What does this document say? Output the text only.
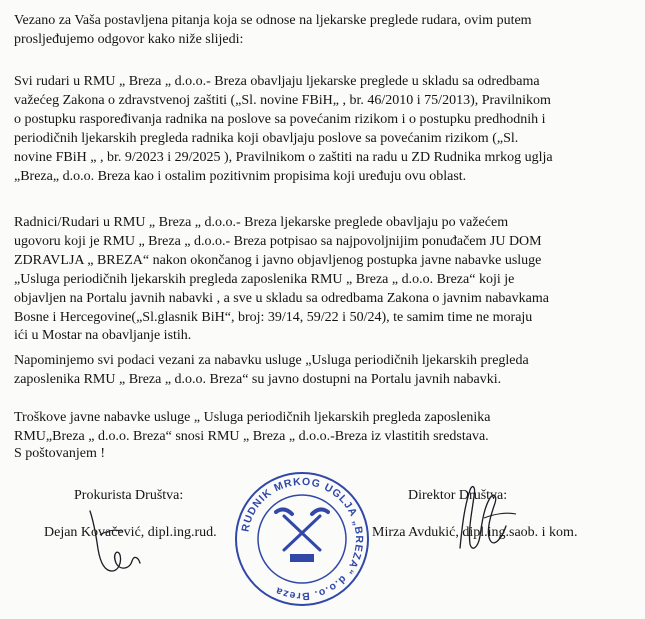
Vezano za Vaša postavljena pitanja koja se odnose na ljekarske preglede rudara, ovim putem
prosljeđujemo odgovor kako niže slijedi:

Svi rudari u RMU „ Breza „ d.o.o.- Breza obavljaju ljekarske preglede u skladu sa odredbama
važećeg Zakona o zdravstvenoj zaštiti („Sl. novine FBiH„ , br. 46/2010 i 75/2013), Pravilnikom
o postupku raspoređivanja radnika na poslove sa povećanim rizikom i o postupku predhodnih i
periodičnih ljekarskih pregleda radnika koji obavljaju poslove sa povećanim rizikom („Sl.
novine FBiH „ , br. 9/2023 i 29/2025 ), Pravilnikom o zaštiti na radu u ZD Rudnika mrkog uglja
„Breza„ d.o.o. Breza kao i ostalim pozitivnim propisima koji uređuju ovu oblast.

Radnici/Rudari u RMU „ Breza „ d.o.o.- Breza ljekarske preglede obavljaju po važećem
ugovoru koji je RMU „ Breza „ d.o.o.- Breza potpisao sa najpovoljnijim ponuđačem JU DOM
ZDRAVLJA „ BREZA“ nakon okončanog i javno objavljenog postupka javne nabavke usluge
„Usluga periodičnih ljekarskih pregleda zaposlenika RMU „ Breza „ d.o.o. Breza“ koji je
objavljen na Portalu javnih nabavki , a sve u skladu sa odredbama Zakona o javnim nabavkama
Bosne i Hercegovine(„Sl.glasnik BiH“, broj: 39/14, 59/22 i 50/24), te samim time ne moraju
ići u Mostar na obavljanje istih.

Napominjemo svi podaci vezani za nabavku usluge „Usluga periodičnih ljekarskih pregleda
zaposlenika RMU „ Breza „ d.o.o. Breza“ su javno dostupni na Portalu javnih nabavki.

Troškove javne nabavke usluge „ Usluga periodičnih ljekarskih pregleda zaposlenika
RMU„Breza „ d.o.o. Breza“ snosi RMU „ Breza „ d.o.o.-Breza iz vlastitih sredstava.

S poštovanjem !
Prokurista Društva:
Dejan Kovačević, dipl.ing.rud.
Direktor Društva:
Mirza Avdukić, dipl.ing.saob. i kom.
RUDNIK MRKOG UGLJA „BREZA“ d.o.o. Breza
